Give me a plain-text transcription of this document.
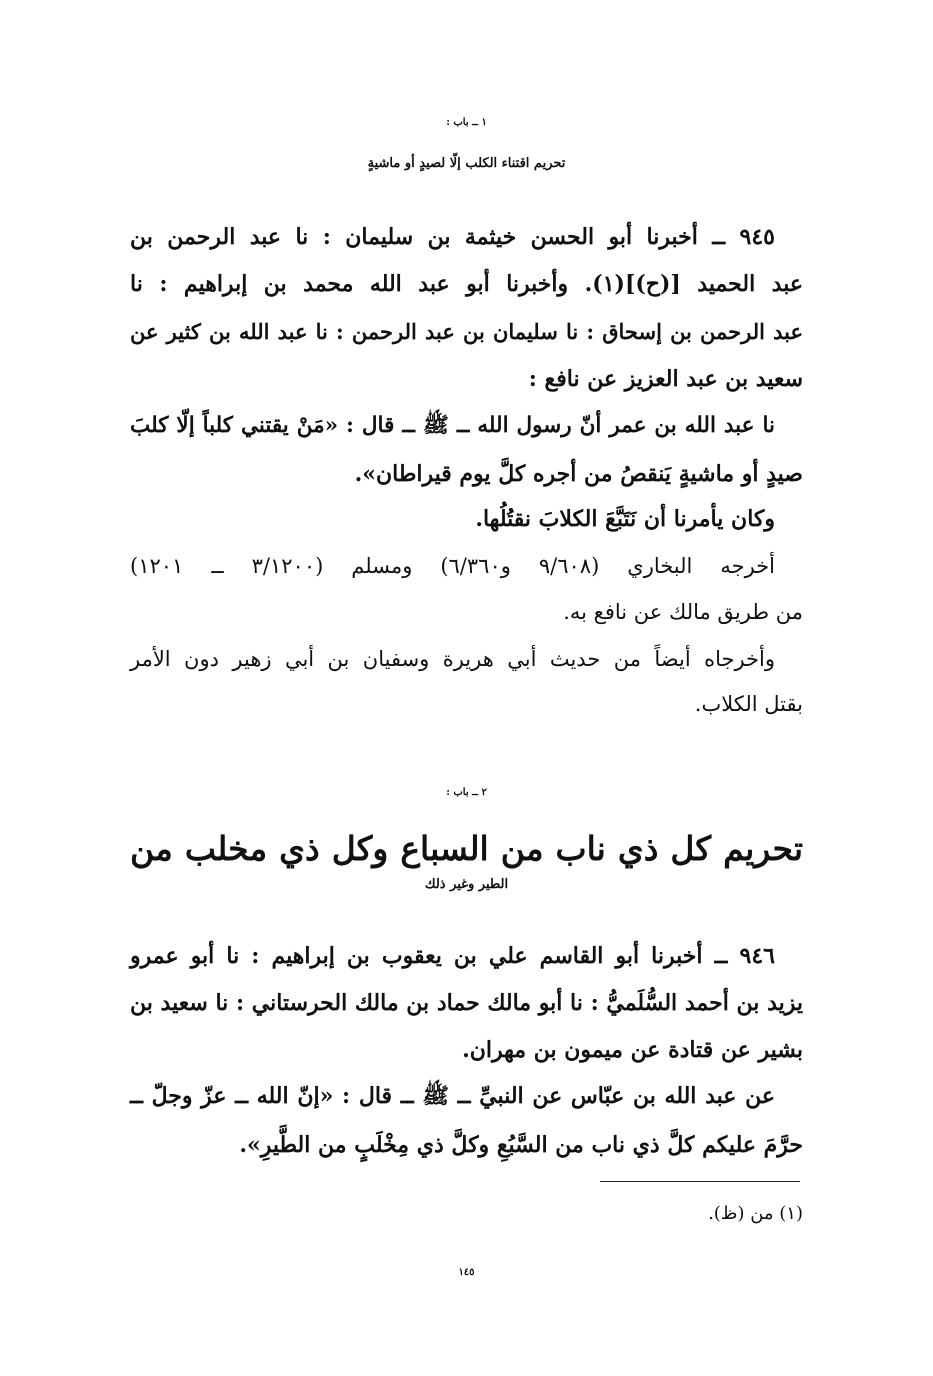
١ ــ باب :
تحريم اقتناء الكلب إلّا لصيدٍ أو ماشيةٍ
٩٤٥ ــ أخبرنا أبو الحسن خيثمة بن سليمان : نا عبد الرحمن بن
عبد الحميد [(ح)](١). وأخبرنا أبو عبد الله محمد بن إبراهيم : نا
عبد الرحمن بن إسحاق : نا سليمان بن عبد الرحمن : نا عبد الله بن كثير عن
سعيد بن عبد العزيز عن نافع :
نا عبد الله بن عمر أنّ رسول الله ــ ﷺ ــ قال : «مَنْ يقتني كلباً إلّا كلبَ
صيدٍ أو ماشيةٍ يَنقصُ من أجره كلَّ يوم قيراطان».
وكان يأمرنا أن نَتَبَّعَ الكلابَ نقتُلُها.
أخرجه البخاري (٩/٦٠٨ و٦/٣٦٠) ومسلم (٣/١٢٠٠ ــ ١٢٠١)
من طريق مالك عن نافع به.
وأخرجاه أيضاً من حديث أبي هريرة وسفيان بن أبي زهير دون الأمر
بقتل الكلاب.
٢ ــ باب :
تحريم كل ذي ناب من السباع وكل ذي مخلب من
الطير وغير ذلك
٩٤٦ ــ أخبرنا أبو القاسم علي بن يعقوب بن إبراهيم : نا أبو عمرو
يزيد بن أحمد السُّلَميُّ : نا أبو مالك حماد بن مالك الحرستاني : نا سعيد بن
بشير عن قتادة عن ميمون بن مهران.
عن عبد الله بن عبّاس عن النبيِّ ــ ﷺ ــ قال : «إنّ الله ــ عزّ وجلّ ــ
حرَّمَ عليكم كلَّ ذي ناب من السَّبُعِ وكلَّ ذي مِخْلَبٍ من الطَّيرِ».
(١) من (ظ).
١٤٥
